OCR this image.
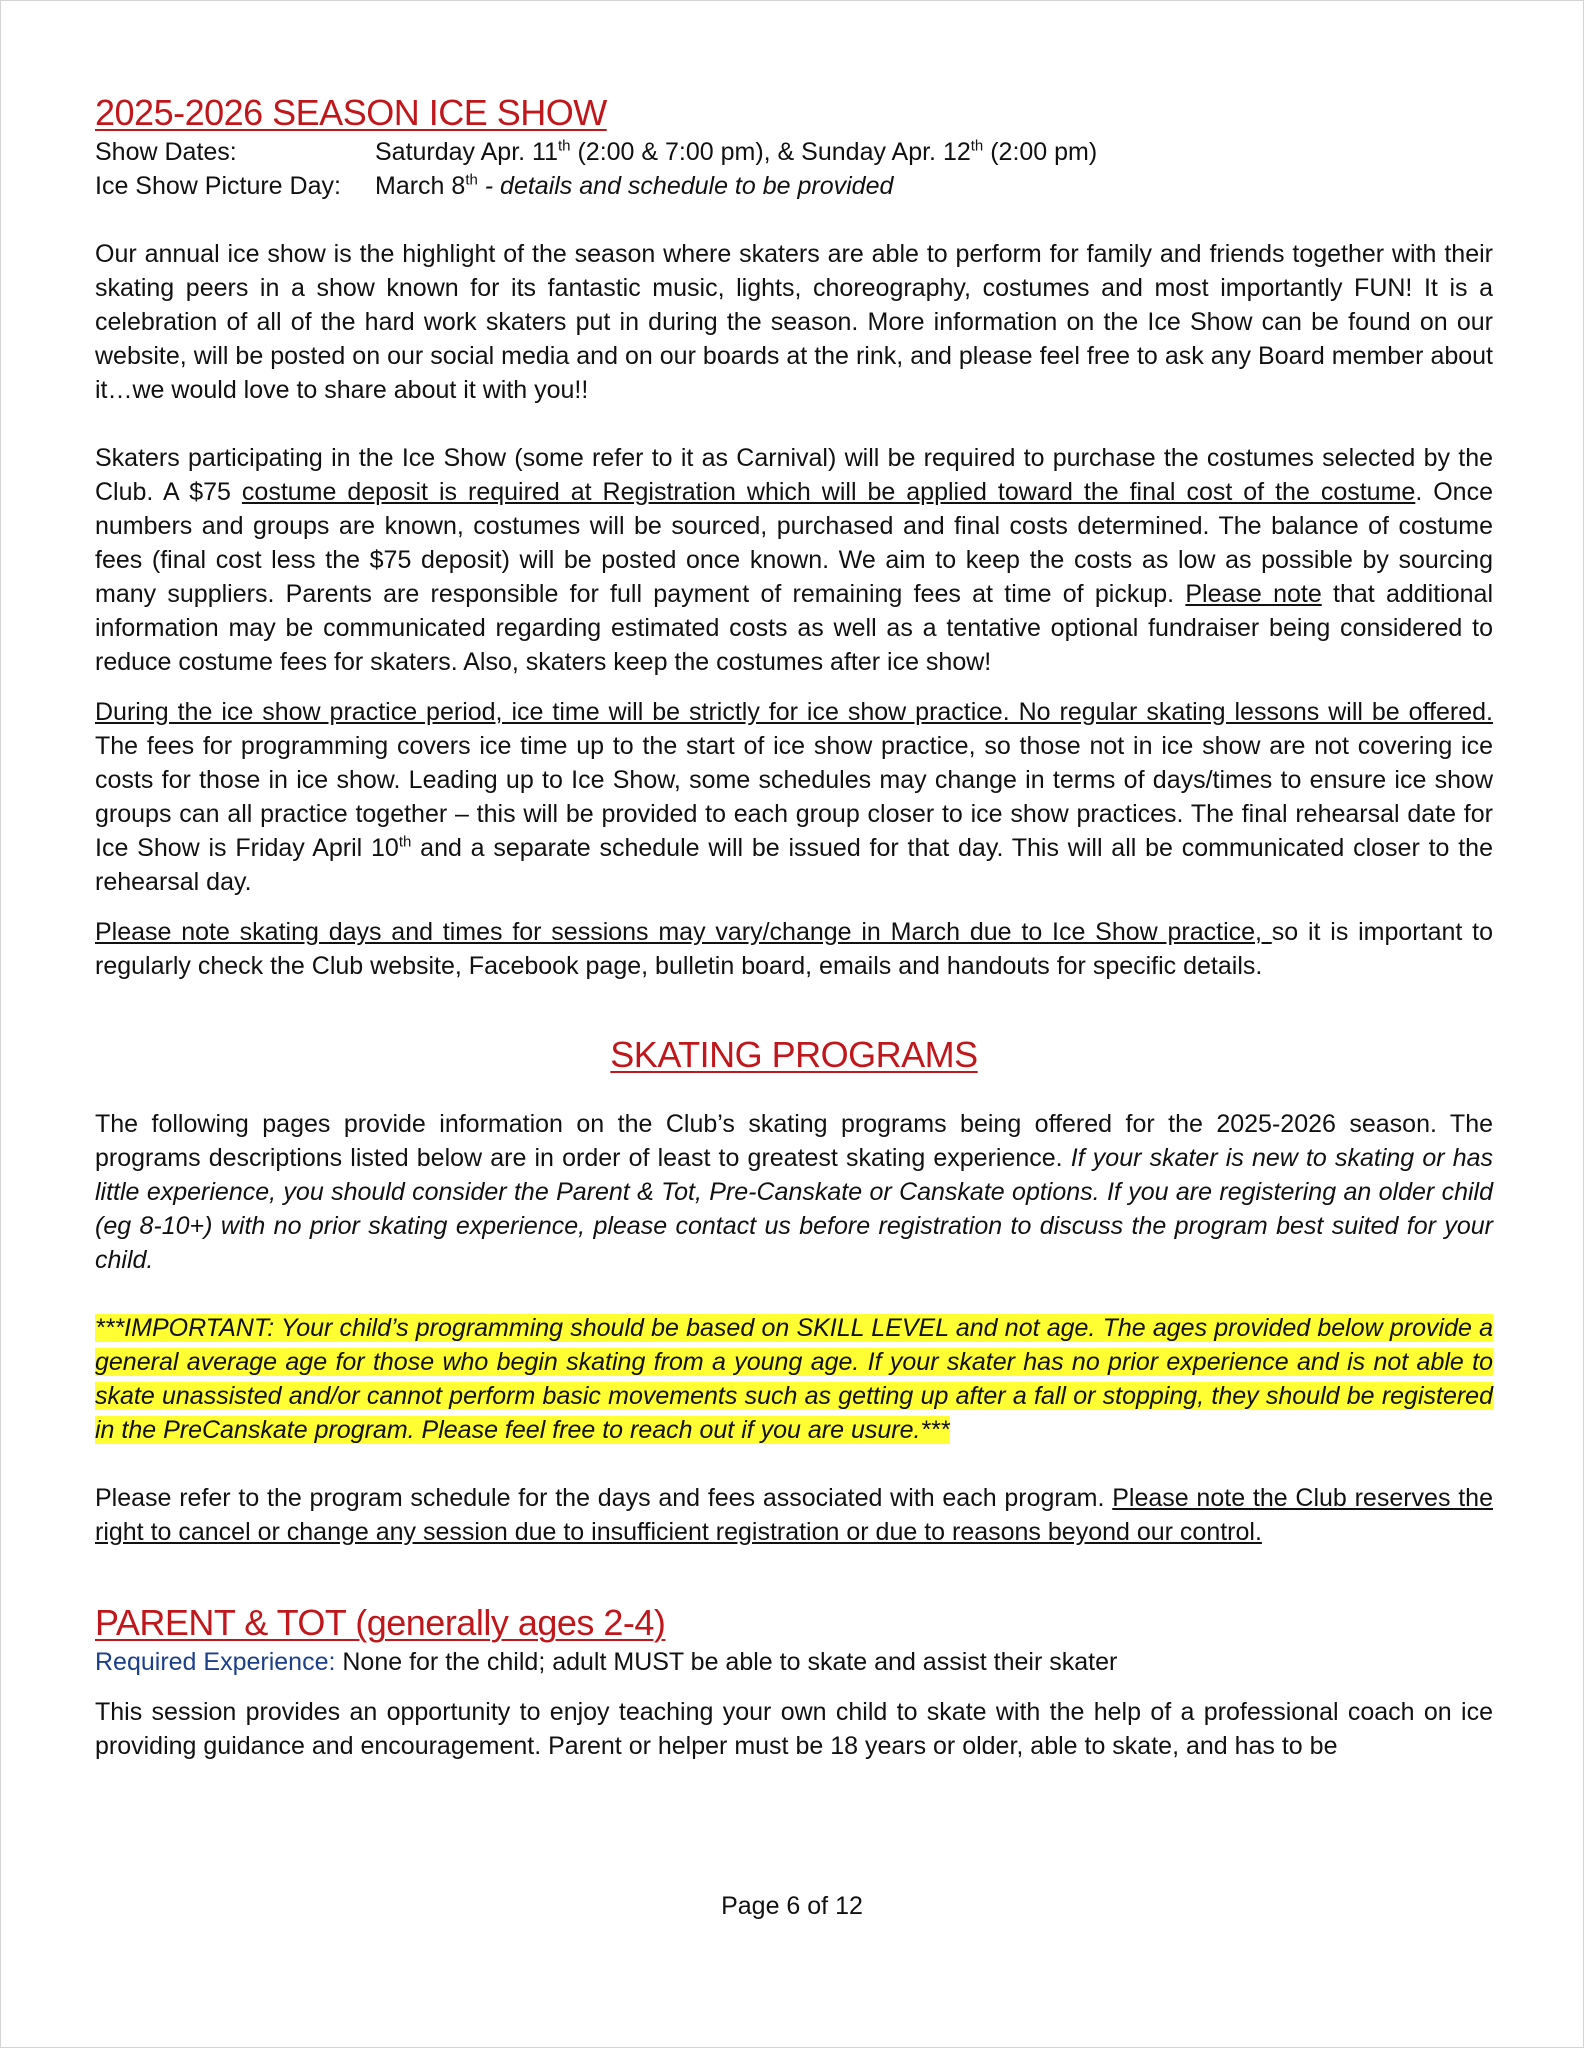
2025-2026 SEASON ICE SHOW
Show Dates:	Saturday Apr. 11th (2:00 & 7:00 pm), & Sunday Apr. 12th (2:00 pm)
Ice Show Picture Day:	March 8th - details and schedule to be provided

Our annual ice show is the highlight of the season where skaters are able to perform for family and friends together with their skating peers in a show known for its fantastic music, lights, choreography, costumes and most importantly FUN! It is a celebration of all of the hard work skaters put in during the season. More information on the Ice Show can be found on our website, will be posted on our social media and on our boards at the rink, and please feel free to ask any Board member about it…we would love to share about it with you!!

Skaters participating in the Ice Show (some refer to it as Carnival) will be required to purchase the costumes selected by the Club. A $75 costume deposit is required at Registration which will be applied toward the final cost of the costume. Once numbers and groups are known, costumes will be sourced, purchased and final costs determined. The balance of costume fees (final cost less the $75 deposit) will be posted once known. We aim to keep the costs as low as possible by sourcing many suppliers. Parents are responsible for full payment of remaining fees at time of pickup. Please note that additional information may be communicated regarding estimated costs as well as a tentative optional fundraiser being considered to reduce costume fees for skaters. Also, skaters keep the costumes after ice show!

During the ice show practice period, ice time will be strictly for ice show practice. No regular skating lessons will be offered. The fees for programming covers ice time up to the start of ice show practice, so those not in ice show are not covering ice costs for those in ice show. Leading up to Ice Show, some schedules may change in terms of days/times to ensure ice show groups can all practice together – this will be provided to each group closer to ice show practices. The final rehearsal date for Ice Show is Friday April 10th and a separate schedule will be issued for that day. This will all be communicated closer to the rehearsal day.

Please note skating days and times for sessions may vary/change in March due to Ice Show practice, so it is important to regularly check the Club website, Facebook page, bulletin board, emails and handouts for specific details.

SKATING PROGRAMS

The following pages provide information on the Club’s skating programs being offered for the 2025-2026 season. The programs descriptions listed below are in order of least to greatest skating experience. If your skater is new to skating or has little experience, you should consider the Parent & Tot, Pre-Canskate or Canskate options. If you are registering an older child (eg 8-10+) with no prior skating experience, please contact us before registration to discuss the program best suited for your child.

***IMPORTANT: Your child’s programming should be based on SKILL LEVEL and not age. The ages provided below provide a general average age for those who begin skating from a young age. If your skater has no prior experience and is not able to skate unassisted and/or cannot perform basic movements such as getting up after a fall or stopping, they should be registered in the PreCanskate program. Please feel free to reach out if you are usure.***

Please refer to the program schedule for the days and fees associated with each program. Please note the Club reserves the right to cancel or change any session due to insufficient registration or due to reasons beyond our control.

PARENT & TOT (generally ages 2-4)
Required Experience: None for the child; adult MUST be able to skate and assist their skater

This session provides an opportunity to enjoy teaching your own child to skate with the help of a professional coach on ice providing guidance and encouragement. Parent or helper must be 18 years or older, able to skate, and has to be

Page 6 of 12
